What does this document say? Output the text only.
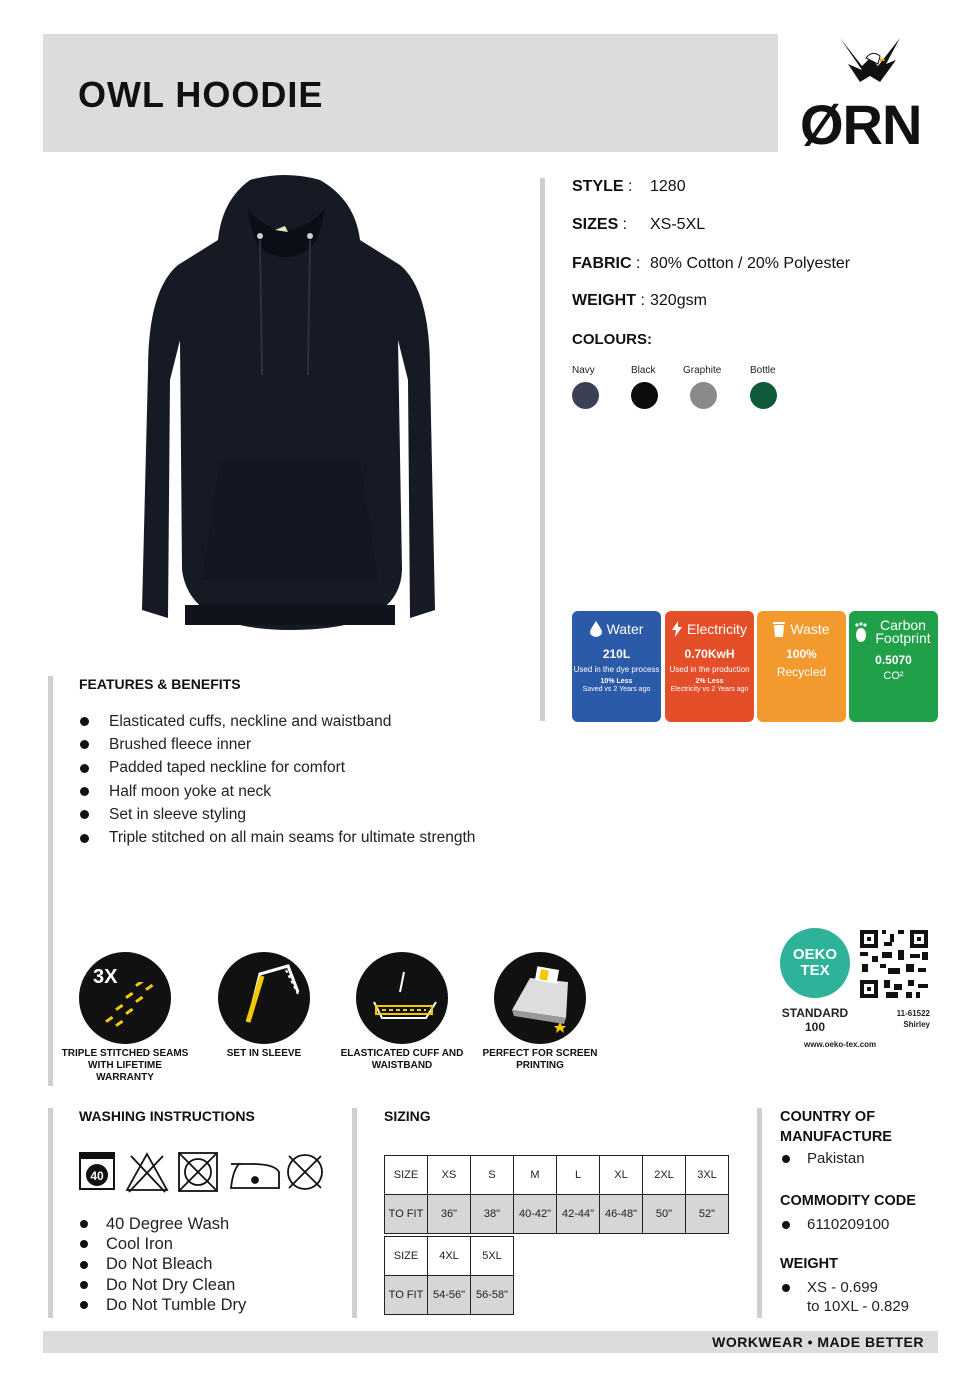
OWL HOODIE	ØRN
STYLE : 1280
SIZES : XS-5XL
FABRIC : 80% Cotton / 20% Polyester
WEIGHT : 320gsm
COLOURS:
Navy	Black	Graphite	Bottle
Water
210L
Used in the dye process
10% Less
Saved vs 2 Years ago
Electricity
0.70KwH
Used in the production
2% Less
Electricity vs 2 Years ago
Waste
100%
Recycled
Carbon Footprint
0.5070
CO²
FEATURES & BENEFITS
Elasticated cuffs, neckline and waistband
Brushed fleece inner
Padded taped neckline for comfort
Half moon yoke at neck
Set in sleeve styling
Triple stitched on all main seams for ultimate strength
3X
TRIPLE STITCHED SEAMS WITH LIFETIME WARRANTY
SET IN SLEEVE	ELASTICATED CUFF AND WAISTBAND
PERFECT FOR SCREEN PRINTING
OEKO
TEX
STANDARD
100
11-61522
Shirley
www.oeko-tex.com
WASHING INSTRUCTIONS
40
40 Degree Wash
Cool Iron
Do Not Bleach
Do Not Dry Clean
Do Not Tumble Dry
SIZING
SIZE	XS	S	M	L	XL	2XL	3XL
TO FIT	36"	38"	40-42"	42-44"	46-48"	50"	52"
SIZE	4XL	5XL
TO FIT	54-56"	56-58"
COUNTRY OF MANUFACTURE
Pakistan
COMMODITY CODE
6110209100
WEIGHT
XS - 0.699
to 10XL - 0.829
WORKWEAR • MADE BETTER
